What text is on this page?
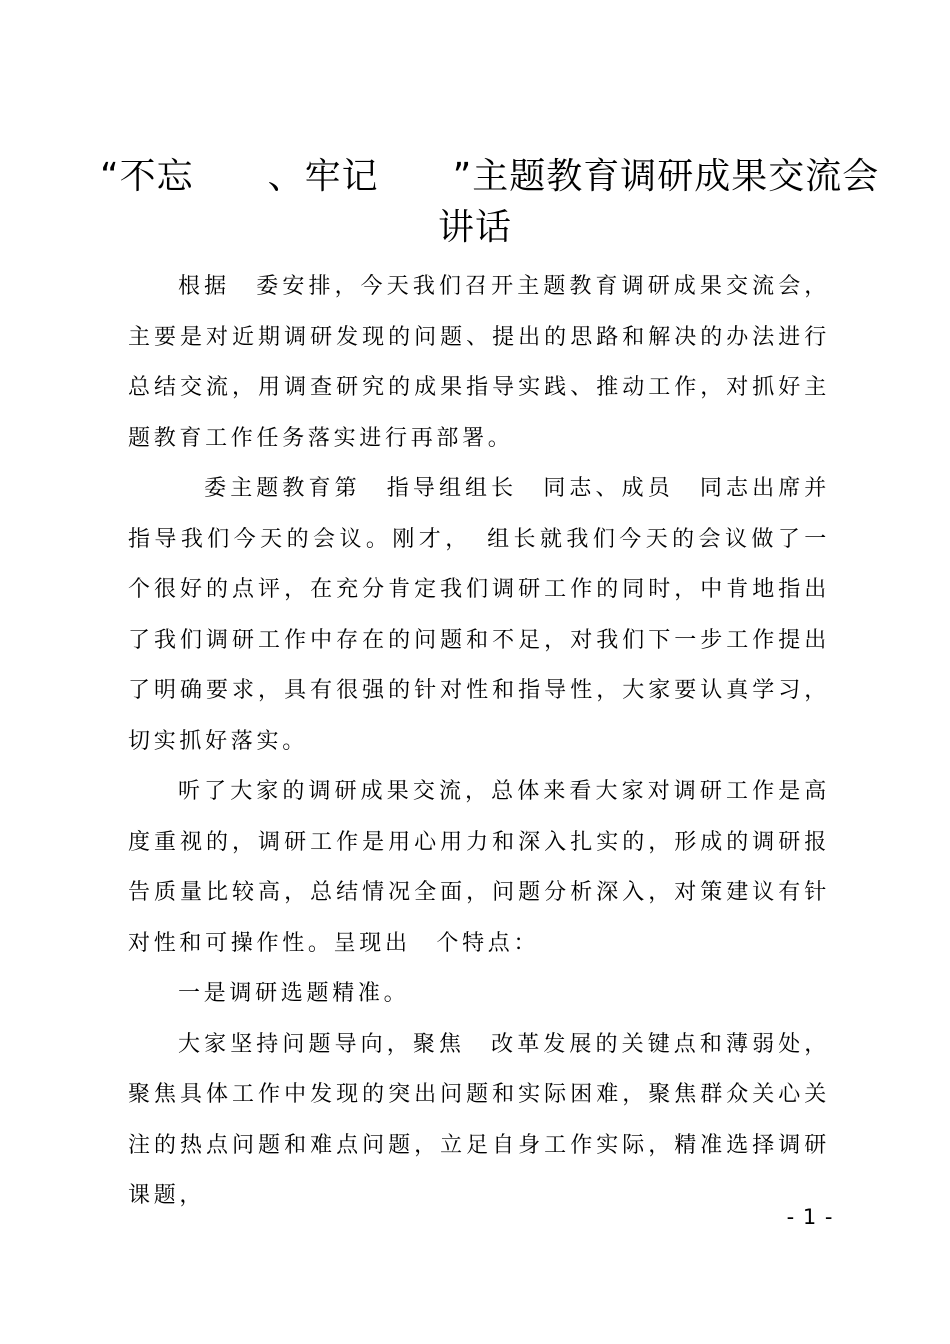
“不忘　　、牢记　　”主题教育调研成果交流会
讲话

根据　委安排，今天我们召开主题教育调研成果交流会，主要是对近期调研发现的问题、提出的思路和解决的办法进行总结交流，用调查研究的成果指导实践、推动工作，对抓好主题教育工作任务落实进行再部署。

　委主题教育第　指导组组长　同志、成员　同志出席并指导我们今天的会议。刚才，　组长就我们今天的会议做了一个很好的点评，在充分肯定我们调研工作的同时，中肯地指出了我们调研工作中存在的问题和不足，对我们下一步工作提出了明确要求，具有很强的针对性和指导性，大家要认真学习，切实抓好落实。

听了大家的调研成果交流，总体来看大家对调研工作是高度重视的，调研工作是用心用力和深入扎实的，形成的调研报告质量比较高，总结情况全面，问题分析深入，对策建议有针对性和可操作性。呈现出　个特点：

一是调研选题精准。

大家坚持问题导向，聚焦　改革发展的关键点和薄弱处，聚焦具体工作中发现的突出问题和实际困难，聚焦群众关心关注的热点问题和难点问题，立足自身工作实际，精准选择调研课题，

- 1 -
